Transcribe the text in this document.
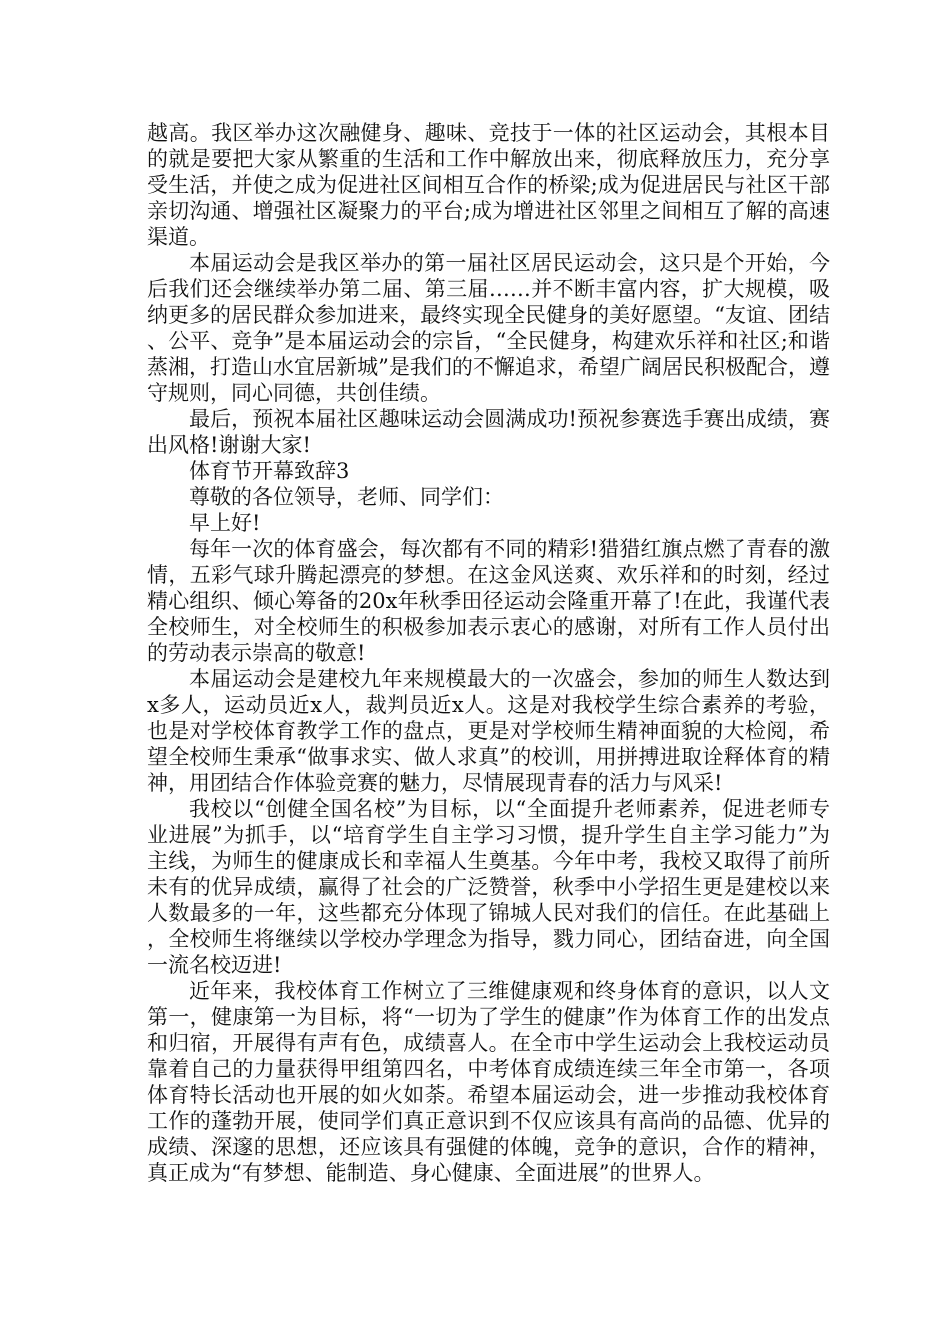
越高。我区举办这次融健身、趣味、竞技于一体的社区运动会，其根本目的就是要把大家从繁重的生活和工作中解放出来，彻底释放压力，充分享受生活，并使之成为促进社区间相互合作的桥梁;成为促进居民与社区干部亲切沟通、增强社区凝聚力的平台;成为增进社区邻里之间相互了解的高速渠道。

本届运动会是我区举办的第一届社区居民运动会，这只是个开始，今后我们还会继续举办第二届、第三届……并不断丰富内容，扩大规模，吸纳更多的居民群众参加进来，最终实现全民健身的美好愿望。“友谊、团结、公平、竞争”是本届运动会的宗旨，“全民健身，构建欢乐祥和社区;和谐蒸湘，打造山水宜居新城”是我们的不懈追求，希望广阔居民积极配合，遵守规则，同心同德，共创佳绩。

最后，预祝本届社区趣味运动会圆满成功!预祝参赛选手赛出成绩，赛出风格!谢谢大家!

体育节开幕致辞3

尊敬的各位领导，老师、同学们：

早上好!

每年一次的体育盛会，每次都有不同的精彩!猎猎红旗点燃了青春的激情，五彩气球升腾起漂亮的梦想。在这金风送爽、欢乐祥和的时刻，经过精心组织、倾心筹备的20x年秋季田径运动会隆重开幕了!在此，我谨代表全校师生，对全校师生的积极参加表示衷心的感谢，对所有工作人员付出的劳动表示崇高的敬意!

本届运动会是建校九年来规模最大的一次盛会，参加的师生人数达到x多人，运动员近x人，裁判员近x人。这是对我校学生综合素养的考验，也是对学校体育教学工作的盘点，更是对学校师生精神面貌的大检阅，希望全校师生秉承“做事求实、做人求真”的校训，用拼搏进取诠释体育的精神，用团结合作体验竞赛的魅力，尽情展现青春的活力与风采!

我校以“创健全国名校”为目标，以“全面提升老师素养，促进老师专业进展”为抓手，以“培育学生自主学习习惯，提升学生自主学习能力”为主线，为师生的健康成长和幸福人生奠基。今年中考，我校又取得了前所未有的优异成绩，赢得了社会的广泛赞誉，秋季中小学招生更是建校以来人数最多的一年，这些都充分体现了锦城人民对我们的信任。在此基础上，全校师生将继续以学校办学理念为指导，戮力同心，团结奋进，向全国一流名校迈进!

近年来，我校体育工作树立了三维健康观和终身体育的意识，以人文第一，健康第一为目标，将“一切为了学生的健康”作为体育工作的出发点和归宿，开展得有声有色，成绩喜人。在全市中学生运动会上我校运动员靠着自己的力量获得甲组第四名，中考体育成绩连续三年全市第一，各项体育特长活动也开展的如火如荼。希望本届运动会，进一步推动我校体育工作的蓬勃开展，使同学们真正意识到不仅应该具有高尚的品德、优异的成绩、深邃的思想，还应该具有强健的体魄，竞争的意识，合作的精神，真正成为“有梦想、能制造、身心健康、全面进展”的世界人。
